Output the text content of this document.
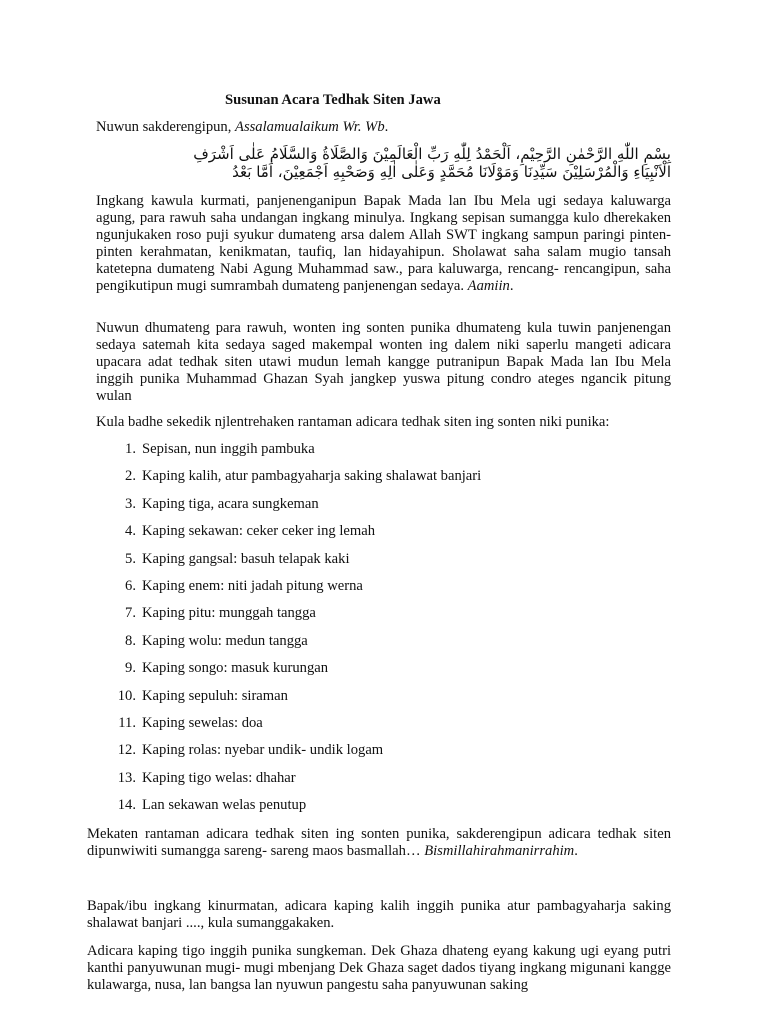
Susunan Acara Tedhak Siten Jawa
Nuwun sakderengipun, Assalamualaikum Wr. Wb.
بِسْمِ اللّٰهِ الرَّحْمٰنِ الرَّحِيْمِ، اَلْحَمْدُ لِلّٰهِ رَبِّ الْعَالَمِيْنَ وَالصَّلَاةُ وَالسَّلَامُ عَلٰى اَشْرَفِ
الْاَنْبِيَاءِ وَالْمُرْسَلِيْنَ سَيِّدِنَا وَمَوْلَانَا مُحَمَّدٍ وَعَلٰى اٰلِهِ وَصَحْبِهِ اَجْمَعِيْنَ، اَمَّا بَعْدُ
Ingkang kawula kurmati, panjenenganipun Bapak Mada lan Ibu Mela ugi sedaya kaluwarga agung, para rawuh saha undangan ingkang minulya. Ingkang sepisan sumangga kulo dherekaken ngunjukaken roso puji syukur dumateng arsa dalem Allah SWT ingkang sampun paringi pinten- pinten kerahmatan, kenikmatan, taufiq, lan hidayahipun. Sholawat saha salam mugio tansah katetepna dumateng Nabi Agung Muhammad saw., para kaluwarga, rencang- rencangipun, saha pengikutipun mugi sumrambah dumateng panjenengan sedaya. Aamiin.
Nuwun dhumateng para rawuh, wonten ing sonten punika dhumateng kula tuwin panjenengan sedaya satemah kita sedaya saged makempal wonten ing dalem niki saperlu mangeti adicara upacara adat tedhak siten utawi mudun lemah kangge putranipun Bapak Mada lan Ibu Mela inggih punika Muhammad Ghazan Syah jangkep yuswa pitung condro ateges ngancik pitung wulan
Kula badhe sekedik njlentrehaken rantaman adicara tedhak siten ing sonten niki punika:
1. Sepisan, nun inggih pambuka
2. Kaping kalih, atur pambagyaharja saking shalawat banjari
3. Kaping tiga, acara sungkeman
4. Kaping sekawan: ceker ceker ing lemah
5. Kaping gangsal: basuh telapak kaki
6. Kaping enem: niti jadah pitung werna
7. Kaping pitu: munggah tangga
8. Kaping wolu: medun tangga
9. Kaping songo: masuk kurungan
10. Kaping sepuluh: siraman
11. Kaping sewelas: doa
12. Kaping rolas: nyebar undik- undik logam
13. Kaping tigo welas: dhahar
14. Lan sekawan welas penutup
Mekaten rantaman adicara tedhak siten ing sonten punika, sakderengipun adicara tedhak siten dipunwiwiti sumangga sareng- sareng maos basmallah… Bismillahirahmanirrahim.
Bapak/ibu ingkang kinurmatan, adicara kaping kalih inggih punika atur pambagyaharja saking shalawat banjari ...., kula sumanggakaken.
Adicara kaping tigo inggih punika sungkeman. Dek Ghaza dhateng eyang kakung ugi eyang putri kanthi panyuwunan mugi- mugi mbenjang Dek Ghaza saget dados tiyang ingkang migunani kangge kulawarga, nusa, lan bangsa lan nyuwun pangestu saha panyuwunan saking
